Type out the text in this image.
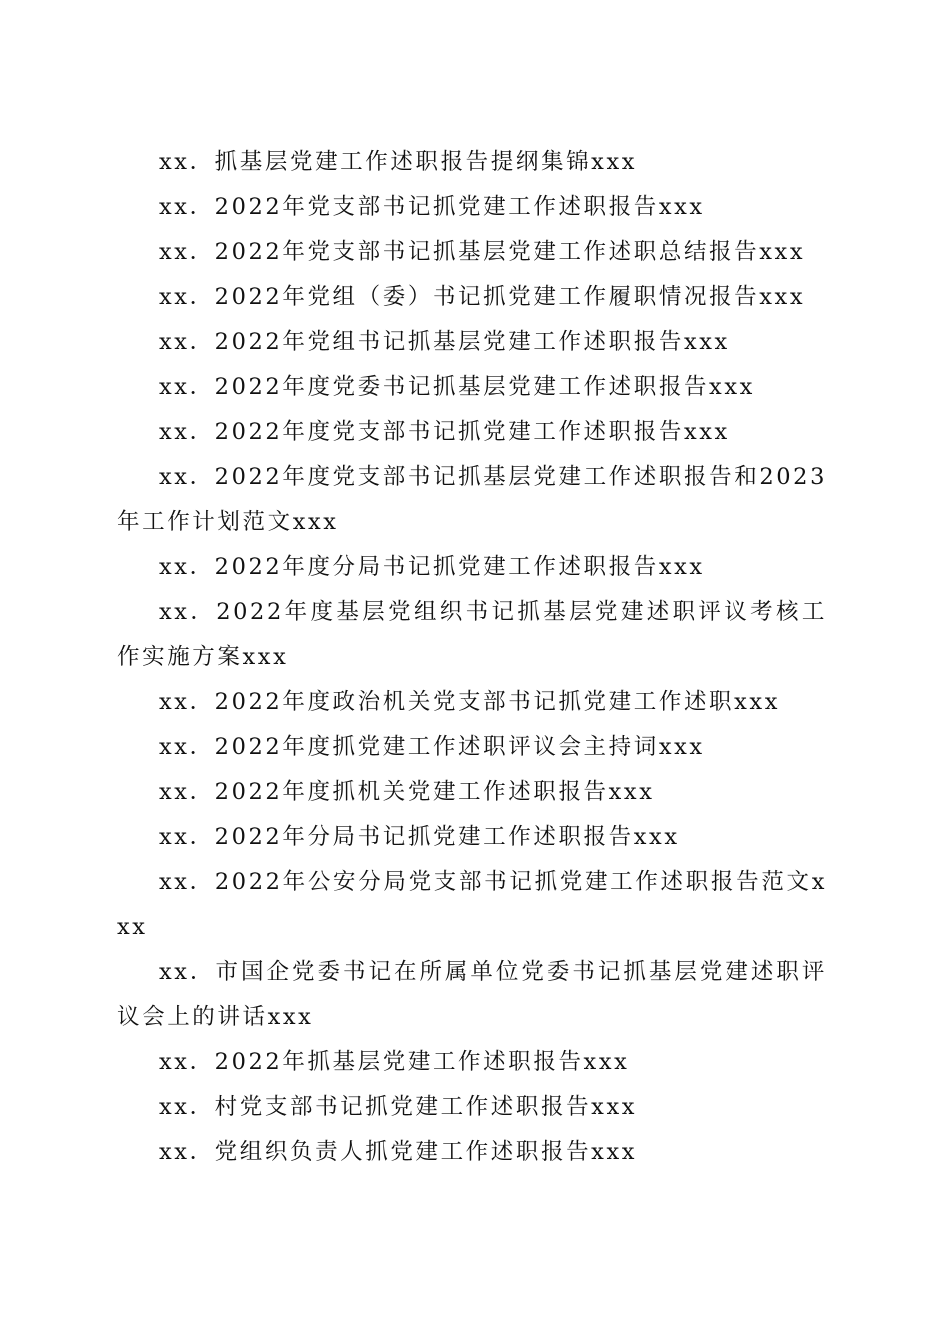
xx．抓基层党建工作述职报告提纲集锦xxx
xx．2022年党支部书记抓党建工作述职报告xxx
xx．2022年党支部书记抓基层党建工作述职总结报告xxx
xx．2022年党组（委）书记抓党建工作履职情况报告xxx
xx．2022年党组书记抓基层党建工作述职报告xxx
xx．2022年度党委书记抓基层党建工作述职报告xxx
xx．2022年度党支部书记抓党建工作述职报告xxx
xx．2022年度党支部书记抓基层党建工作述职报告和2023年工作计划范文xxx
xx．2022年度分局书记抓党建工作述职报告xxx
xx．2022年度基层党组织书记抓基层党建述职评议考核工作实施方案xxx
xx．2022年度政治机关党支部书记抓党建工作述职xxx
xx．2022年度抓党建工作述职评议会主持词xxx
xx．2022年度抓机关党建工作述职报告xxx
xx．2022年分局书记抓党建工作述职报告xxx
xx．2022年公安分局党支部书记抓党建工作述职报告范文xxx
xx．市国企党委书记在所属单位党委书记抓基层党建述职评议会上的讲话xxx
xx．2022年抓基层党建工作述职报告xxx
xx．村党支部书记抓党建工作述职报告xxx
xx．党组织负责人抓党建工作述职报告xxx
